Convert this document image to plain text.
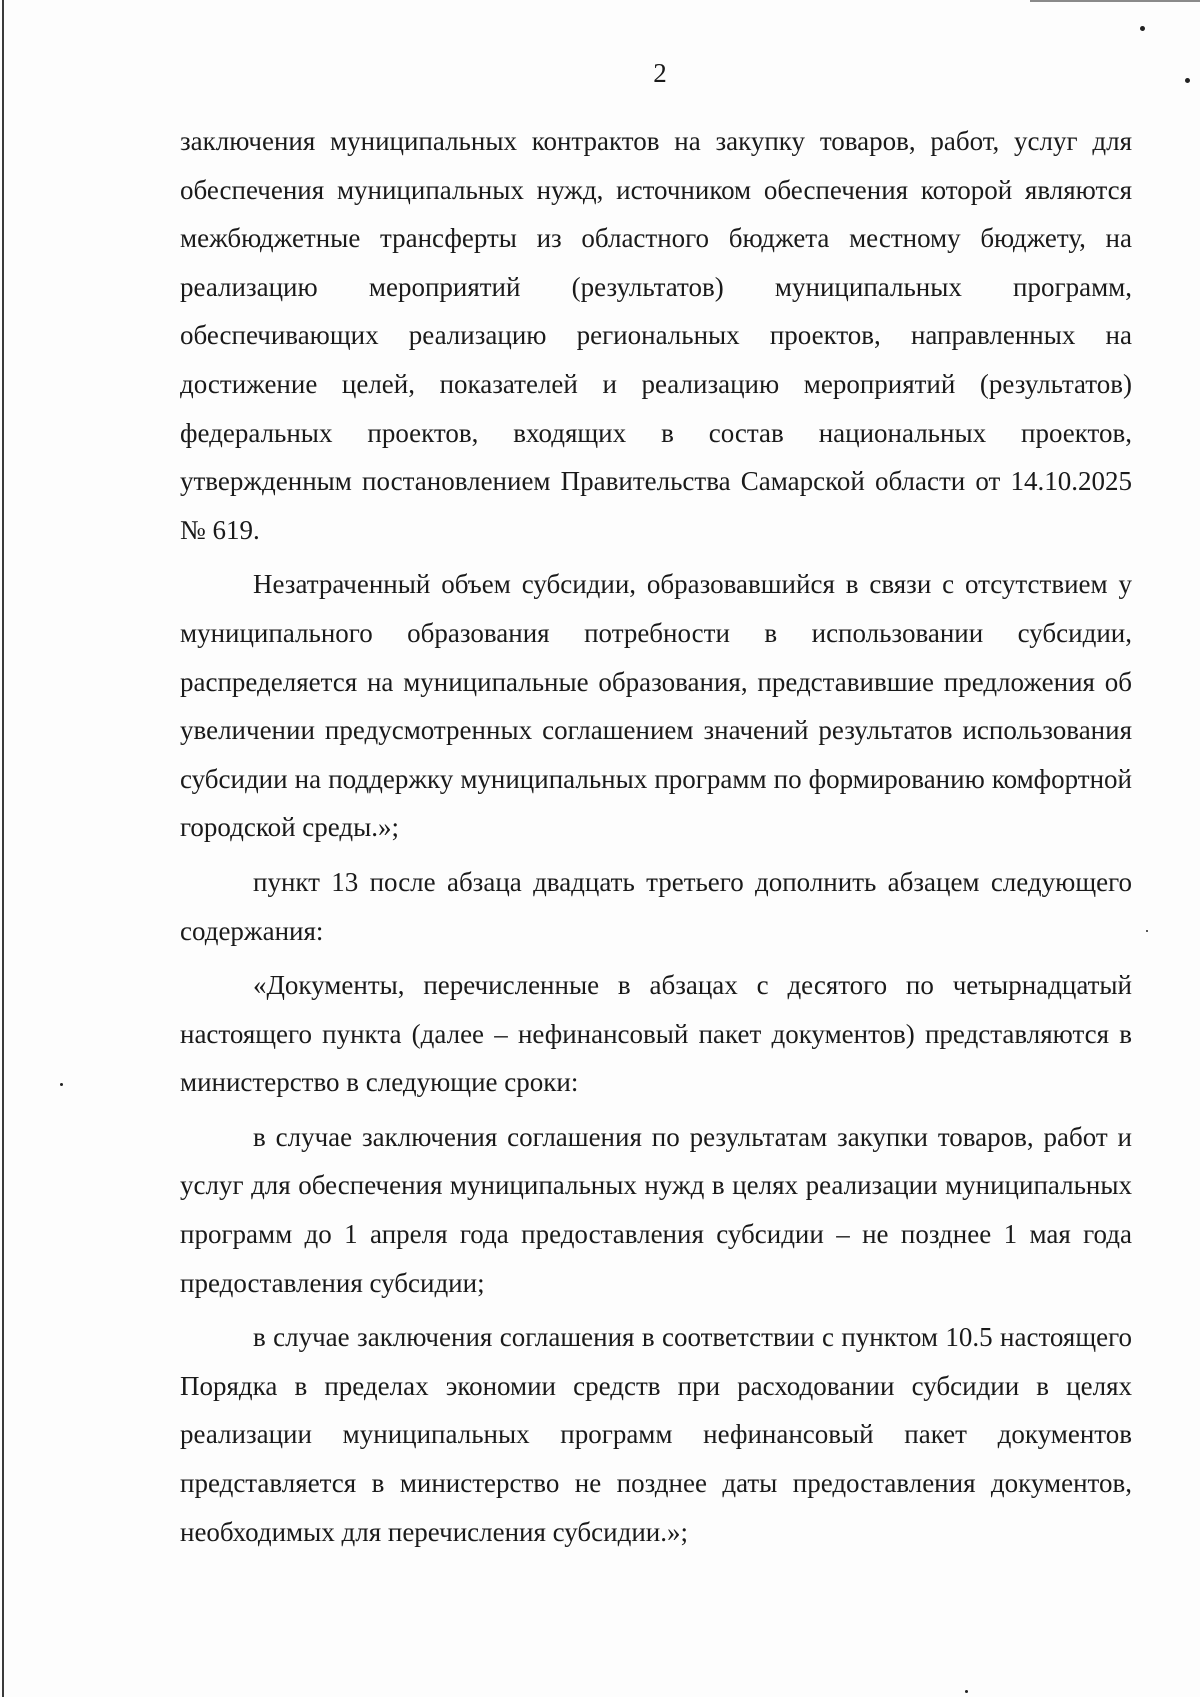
2

заключения муниципальных контрактов на закупку товаров, работ, услуг для обеспечения муниципальных нужд, источником обеспечения которой являются межбюджетные трансферты из областного бюджета местному бюджету, на реализацию мероприятий (результатов) муниципальных программ, обеспечивающих реализацию региональных проектов, направленных на достижение целей, показателей и реализацию мероприятий (результатов) федеральных проектов, входящих в состав национальных проектов, утвержденным постановлением Правительства Самарской области от 14.10.2025 № 619.

Незатраченный объем субсидии, образовавшийся в связи с отсутствием у муниципального образования потребности в использовании субсидии, распределяется на муниципальные образования, представившие предложения об увеличении предусмотренных соглашением значений результатов использования субсидии на поддержку муниципальных программ по формированию комфортной городской среды.»;

пункт 13 после абзаца двадцать третьего дополнить абзацем следующего содержания:

«Документы, перечисленные в абзацах с десятого по четырнадцатый настоящего пункта (далее – нефинансовый пакет документов) представляются в министерство в следующие сроки:

в случае заключения соглашения по результатам закупки товаров, работ и услуг для обеспечения муниципальных нужд в целях реализации муниципальных программ до 1 апреля года предоставления субсидии – не позднее 1 мая года предоставления субсидии;

в случае заключения соглашения в соответствии с пунктом 10.5 настоящего Порядка в пределах экономии средств при расходовании субсидии в целях реализации муниципальных программ нефинансовый пакет документов представляется в министерство не позднее даты предоставления документов, необходимых для перечисления субсидии.»;
